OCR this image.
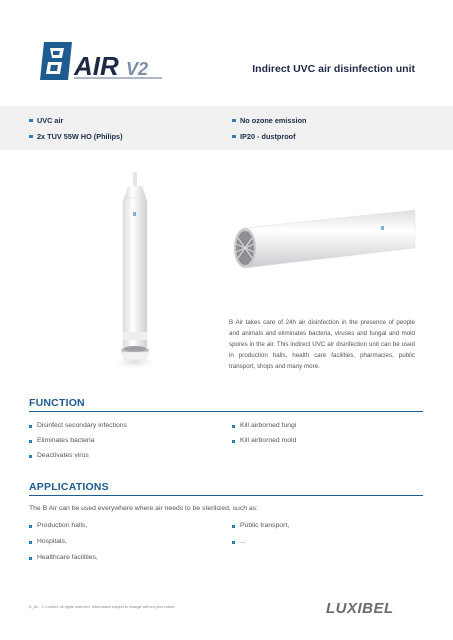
AIR V2	Indirect UVC air disinfection unit
UVC air
2x TUV 55W HO (Philips)
No ozone emission
IP20 - dustproof
B Air takes care of 24h air disinfection in the presence of people and animals and eliminates bacteria, viruses and fungal and mold spores in the air. This indirect UVC air disinfection unit can be used in production halls, health care facilities, pharmacies, public transport, shops and many more.
FUNCTION
Disinfect secondary infections
Eliminates bacteria
Deactivates virus
Kill airborned fungi
Kill airborned mold
APPLICATIONS
The B Air can be used everywhere where air needs to be sterilized, such as:
Production halls,
Hospitals,
Healthcare facilities,
Public transport,
...
B_Air - © Luxibel, all rights reserved. Information subject to change without prior notice.	LUXIBEL
